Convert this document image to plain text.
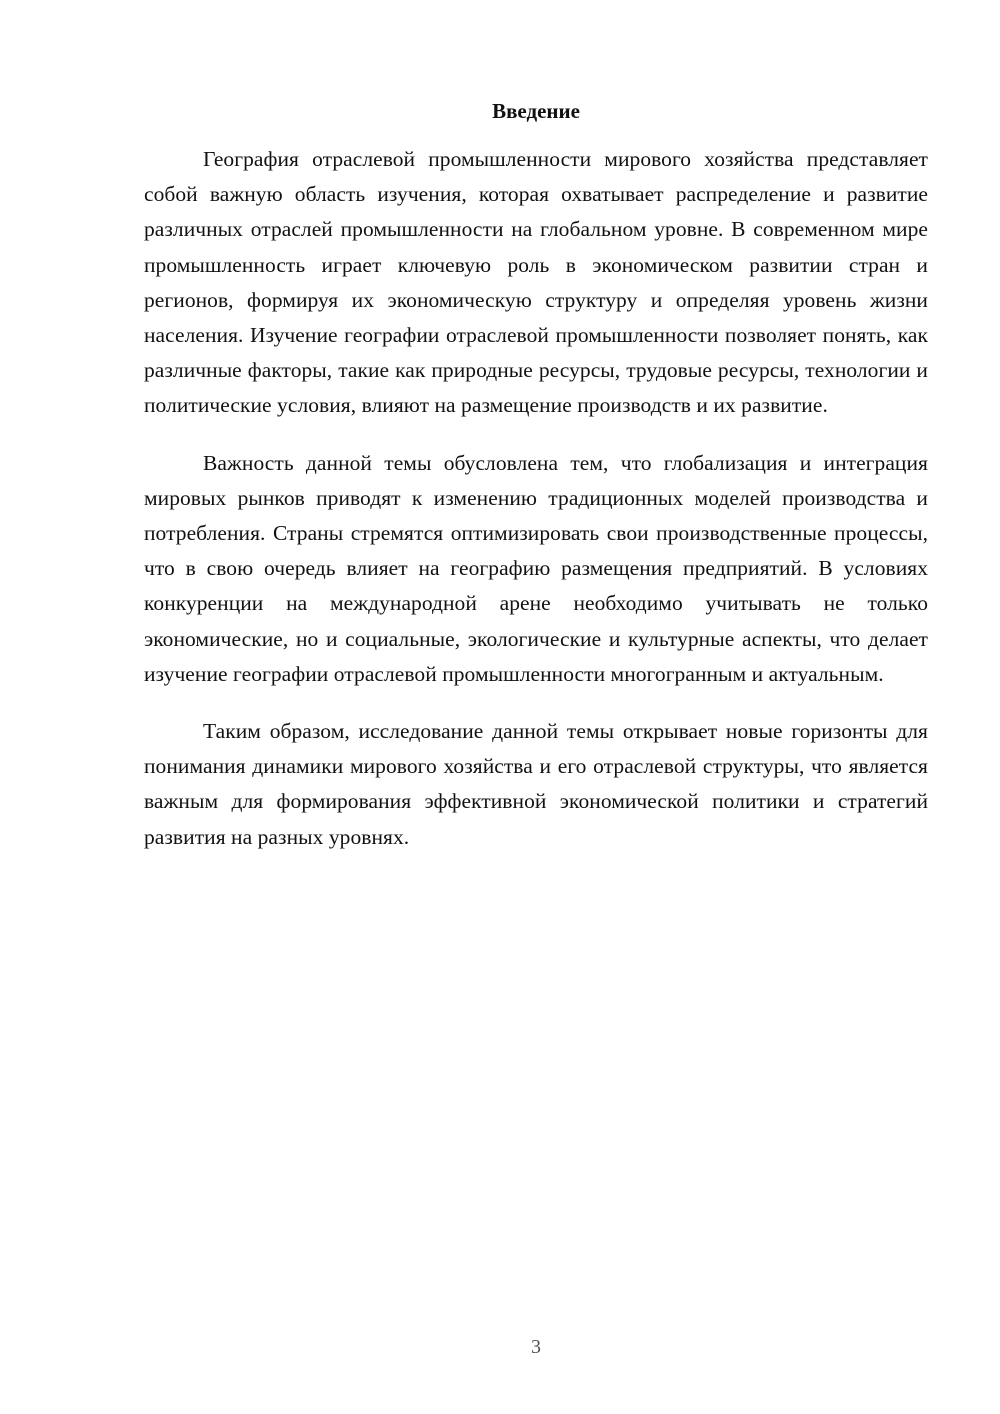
Введение

География отраслевой промышленности мирового хозяйства представляет собой важную область изучения, которая охватывает распределение и развитие различных отраслей промышленности на глобальном уровне. В современном мире промышленность играет ключевую роль в экономическом развитии стран и регионов, формируя их экономическую структуру и определяя уровень жизни населения. Изучение географии отраслевой промышленности позволяет понять, как различные факторы, такие как природные ресурсы, трудовые ресурсы, технологии и политические условия, влияют на размещение производств и их развитие.

Важность данной темы обусловлена тем, что глобализация и интеграция мировых рынков приводят к изменению традиционных моделей производства и потребления. Страны стремятся оптимизировать свои производственные процессы, что в свою очередь влияет на географию размещения предприятий. В условиях конкуренции на международной арене необходимо учитывать не только экономические, но и социальные, экологические и культурные аспекты, что делает изучение географии отраслевой промышленности многогранным и актуальным.

Таким образом, исследование данной темы открывает новые горизонты для понимания динамики мирового хозяйства и его отраслевой структуры, что является важным для формирования эффективной экономической политики и стратегий развития на разных уровнях.

3
